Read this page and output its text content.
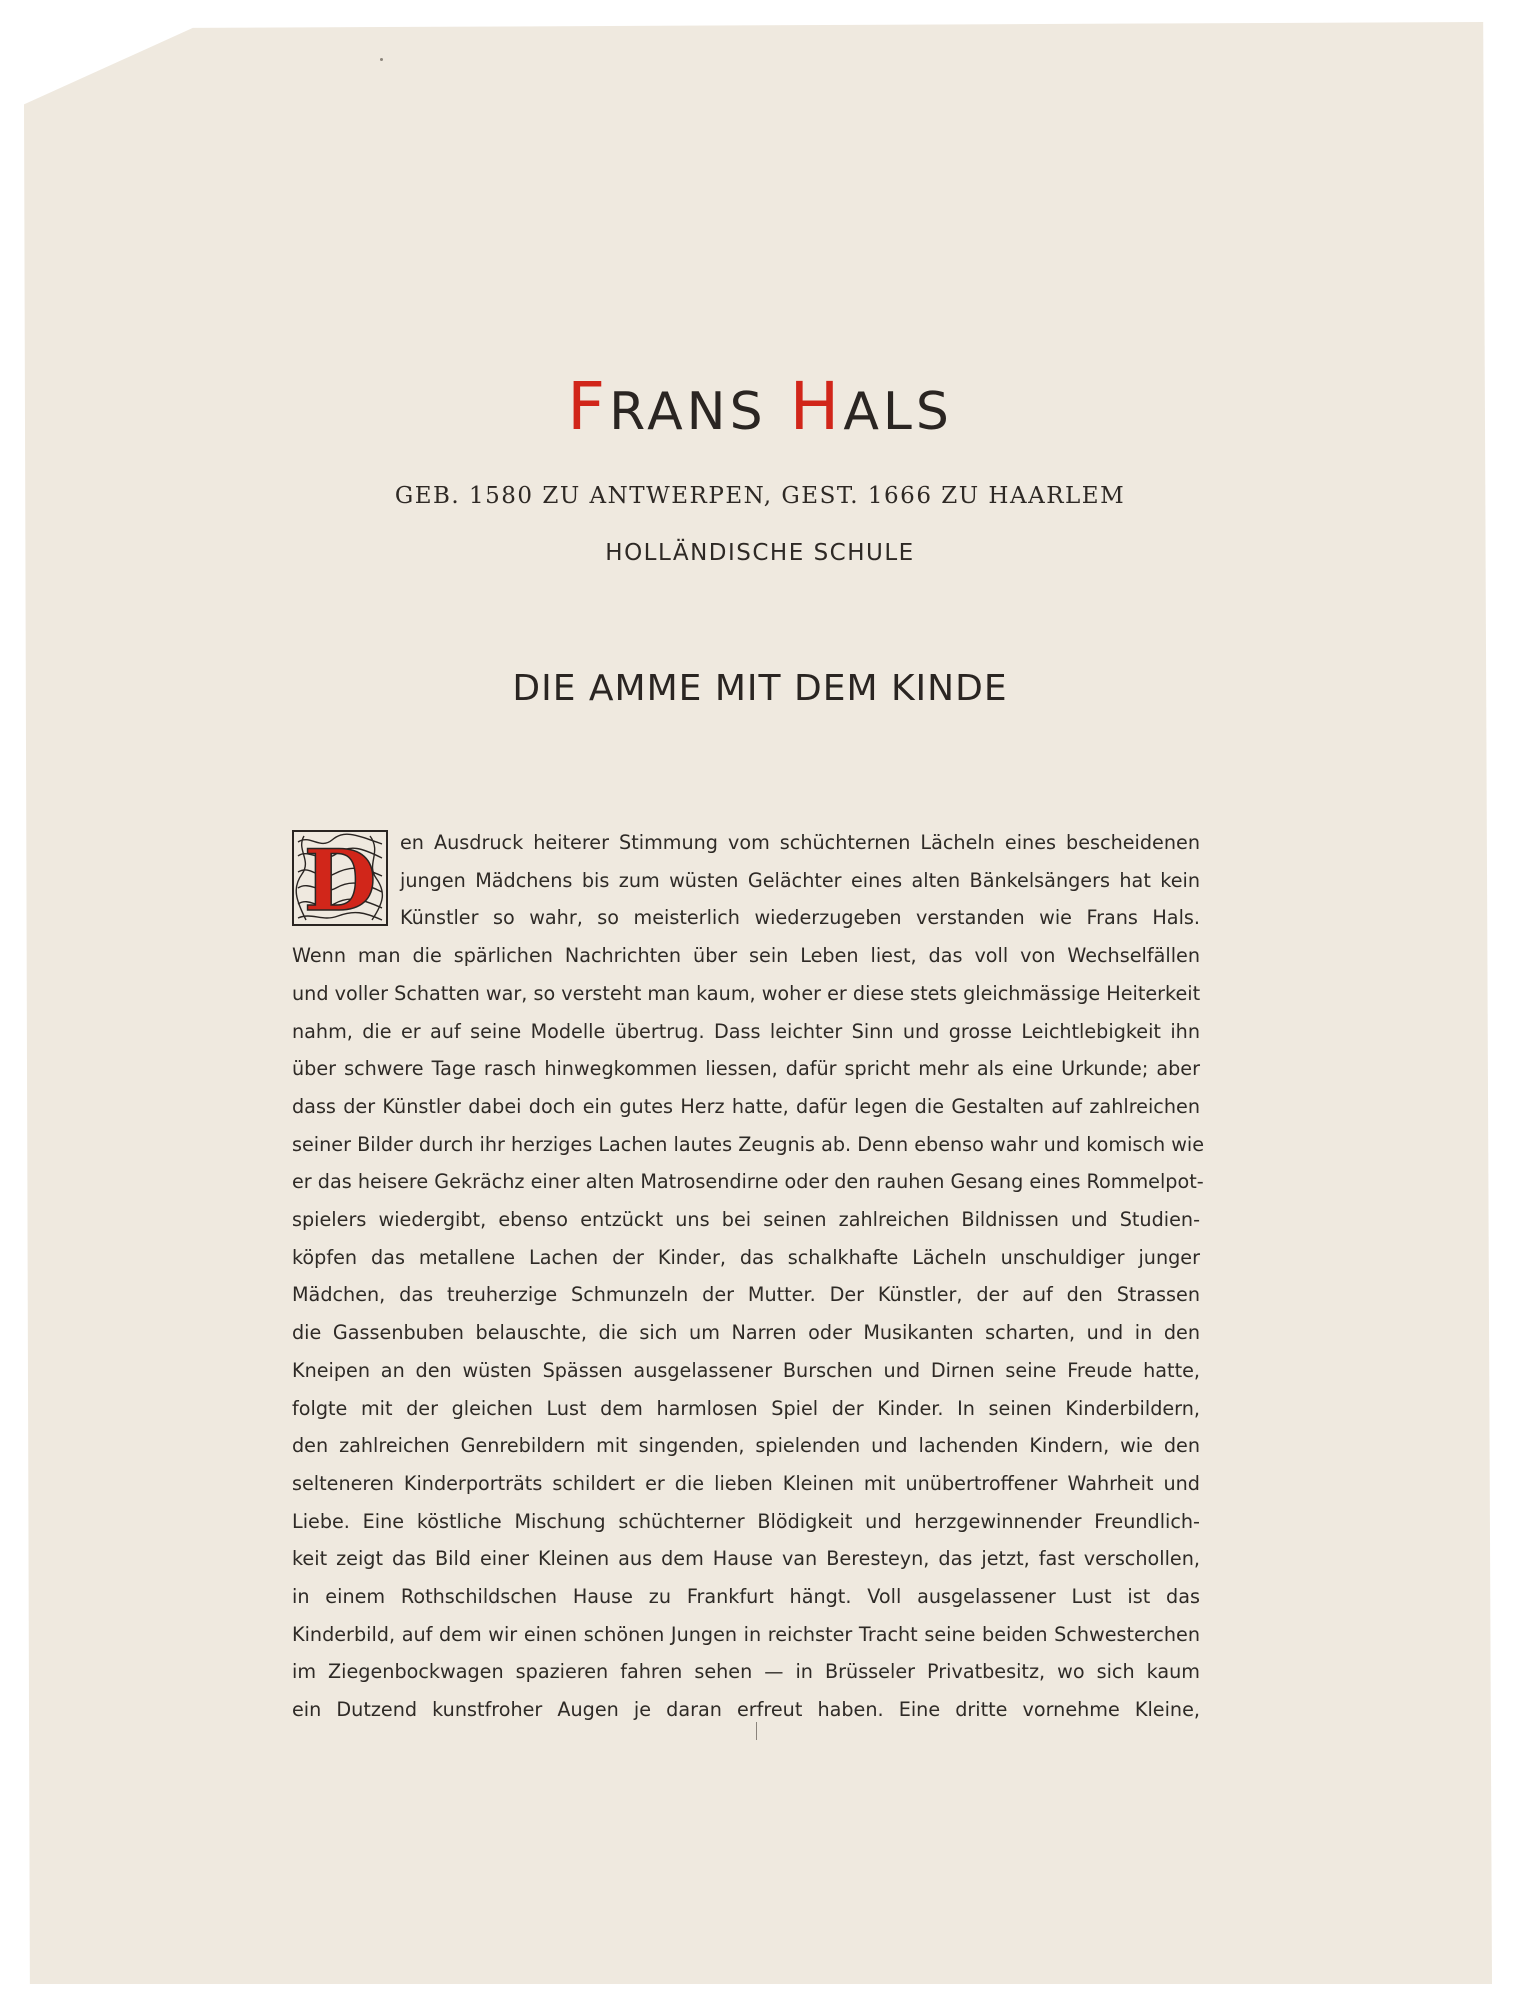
FRANS HALS
GEB. 1580 ZU ANTWERPEN, GEST. 1666 ZU HAARLEM
HOLLÄNDISCHE SCHULE
DIE AMME MIT DEM KINDE
D	en Ausdruck heiterer Stimmung vom schüchternen Lächeln eines bescheidenen
jungen Mädchens bis zum wüsten Gelächter eines alten Bänkelsängers hat kein
Künstler so wahr, so meisterlich wiederzugeben verstanden wie Frans Hals.
Wenn man die spärlichen Nachrichten über sein Leben liest, das voll von Wechselfällen
und voller Schatten war, so versteht man kaum, woher er diese stets gleichmässige Heiterkeit
nahm, die er auf seine Modelle übertrug. Dass leichter Sinn und grosse Leichtlebigkeit ihn
über schwere Tage rasch hinwegkommen liessen, dafür spricht mehr als eine Urkunde; aber
dass der Künstler dabei doch ein gutes Herz hatte, dafür legen die Gestalten auf zahlreichen
seiner Bilder durch ihr herziges Lachen lautes Zeugnis ab. Denn ebenso wahr und komisch wie
er das heisere Gekrächz einer alten Matrosendirne oder den rauhen Gesang eines Rommelpot-
spielers wiedergibt, ebenso entzückt uns bei seinen zahlreichen Bildnissen und Studien-
köpfen das metallene Lachen der Kinder, das schalkhafte Lächeln unschuldiger junger
Mädchen, das treuherzige Schmunzeln der Mutter. Der Künstler, der auf den Strassen
die Gassenbuben belauschte, die sich um Narren oder Musikanten scharten, und in den
Kneipen an den wüsten Spässen ausgelassener Burschen und Dirnen seine Freude hatte,
folgte mit der gleichen Lust dem harmlosen Spiel der Kinder. In seinen Kinderbildern,
den zahlreichen Genrebildern mit singenden, spielenden und lachenden Kindern, wie den
selteneren Kinderporträts schildert er die lieben Kleinen mit unübertroffener Wahrheit und
Liebe. Eine köstliche Mischung schüchterner Blödigkeit und herzgewinnender Freundlich-
keit zeigt das Bild einer Kleinen aus dem Hause van Beresteyn, das jetzt, fast verschollen,
in einem Rothschildschen Hause zu Frankfurt hängt. Voll ausgelassener Lust ist das
Kinderbild, auf dem wir einen schönen Jungen in reichster Tracht seine beiden Schwesterchen
im Ziegenbockwagen spazieren fahren sehen — in Brüsseler Privatbesitz, wo sich kaum
ein Dutzend kunstfroher Augen je daran erfreut haben. Eine dritte vornehme Kleine,
